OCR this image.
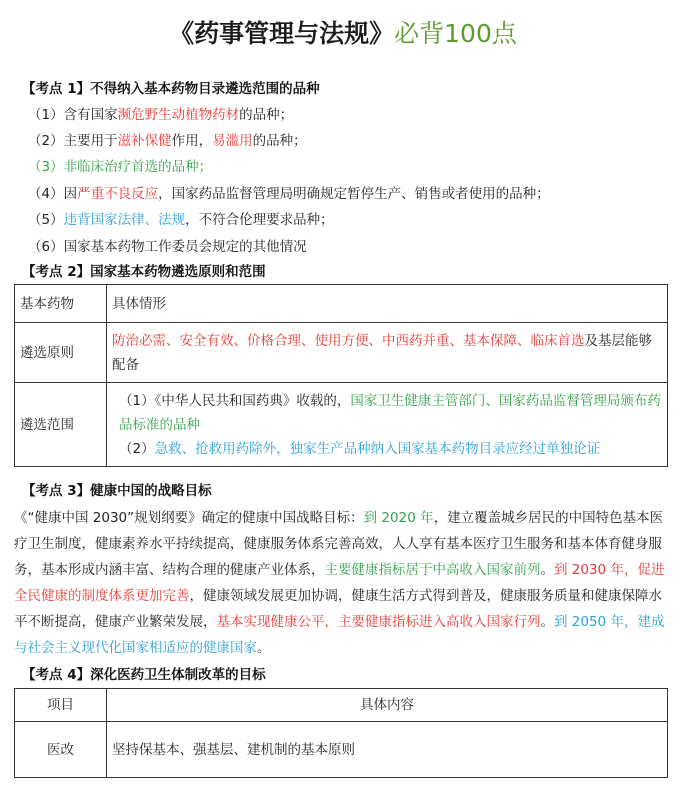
《药事管理与法规》必背100点
【考点 1】不得纳入基本药物目录遴选范围的品种
（1）含有国家濒危野生动植物药材的品种；
（2）主要用于滋补保健作用，易滥用的品种；
（3）非临床治疗首选的品种；
（4）因严重不良反应，国家药品监督管理局明确规定暂停生产、销售或者使用的品种；
（5）违背国家法律、法规，不符合伦理要求品种；
（6）国家基本药物工作委员会规定的其他情况
【考点 2】国家基本药物遴选原则和范围
基本药物	具体情形
遴选原则	防治必需、安全有效、价格合理、使用方便、中西药并重、基本保障、临床首选及基层能够配备
遴选范围	（1）《中华人民共和国药典》收载的，国家卫生健康主管部门、国家药品监督管理局颁布药品标准的品种
（2）急救、抢救用药除外，独家生产品种纳入国家基本药物目录应经过单独论证
【考点 3】健康中国的战略目标
《“健康中国 2030”规划纲要》确定的健康中国战略目标：到 2020 年，建立覆盖城乡居民的中国特色基本医疗卫生制度，健康素养水平持续提高，健康服务体系完善高效，人人享有基本医疗卫生服务和基本体育健身服务，基本形成内涵丰富、结构合理的健康产业体系，主要健康指标居于中高收入国家前列。到 2030 年，促进全民健康的制度体系更加完善，健康领域发展更加协调，健康生活方式得到普及，健康服务质量和健康保障水平不断提高，健康产业繁荣发展，基本实现健康公平，主要健康指标进入高收入国家行列。到 2050 年，建成与社会主义现代化国家相适应的健康国家。
【考点 4】深化医药卫生体制改革的目标
项目	具体内容
医改	坚持保基本、强基层、建机制的基本原则
